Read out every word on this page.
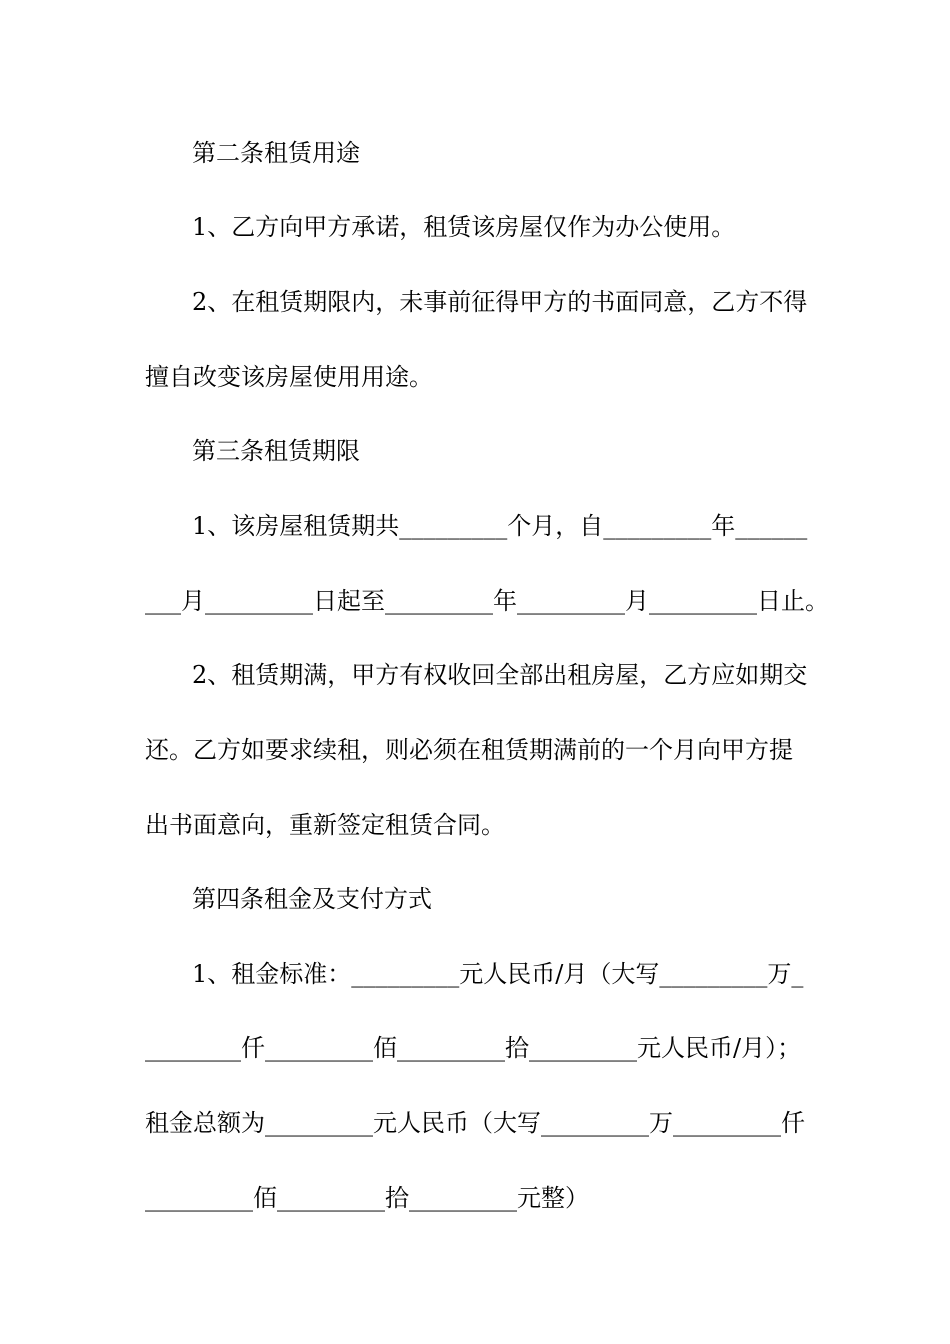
第二条租赁用途
1、乙方向甲方承诺，租赁该房屋仅作为办公使用。
2、在租赁期限内，未事前征得甲方的书面同意，乙方不得
擅自改变该房屋使用用途。
第三条租赁期限
1、该房屋租赁期共_________个月，自_________年______
___月_________日起至_________年_________月_________日止。
2、租赁期满，甲方有权收回全部出租房屋，乙方应如期交
还。乙方如要求续租，则必须在租赁期满前的一个月向甲方提
出书面意向，重新签定租赁合同。
第四条租金及支付方式
1、租金标准：_________元人民币/月（大写_________万_
________仟_________佰_________拾_________元人民币/月）；
租金总额为_________元人民币（大写_________万_________仟
_________佰_________拾_________元整）
